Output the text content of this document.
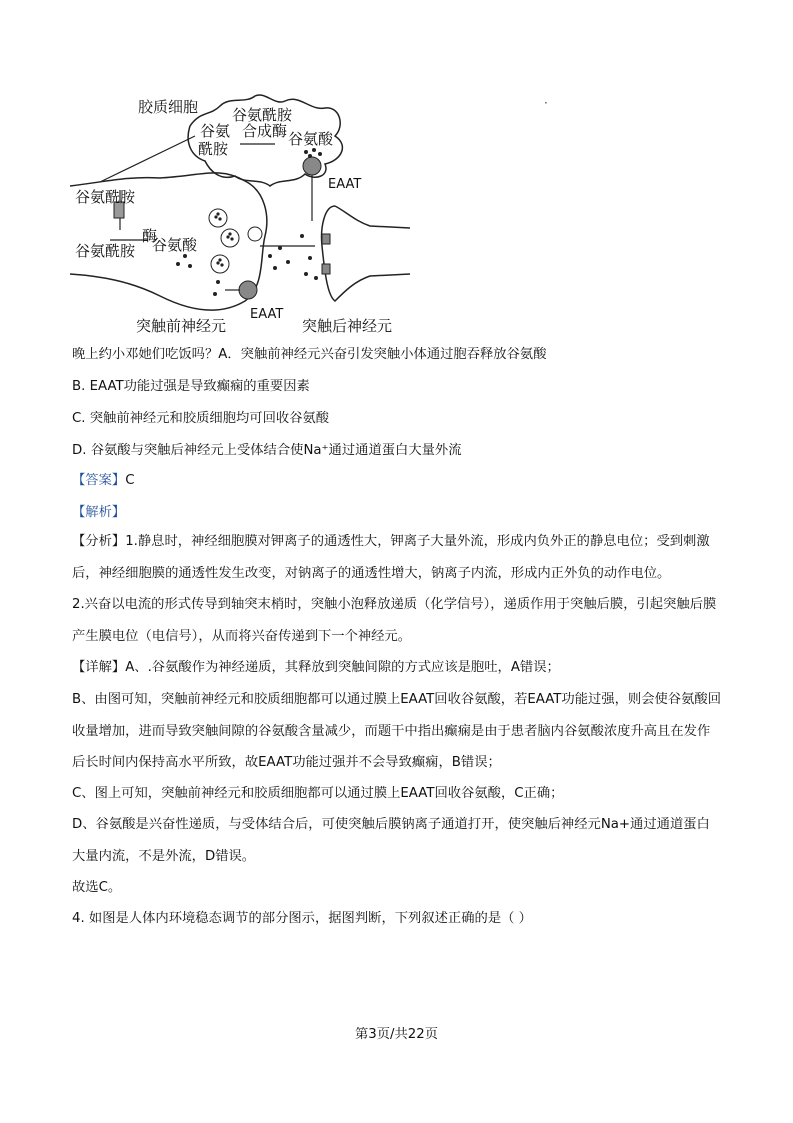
胶质细胞 谷氨酰胺
谷氨 合成酶
酰胺
谷氨酸
EAAT
谷氨酰胺
谷氨酰胺
酶
谷氨酸
EAAT
突触前神经元	突触后神经元
·
晚上约小邓她们吃饭吗？A．突触前神经元兴奋引发突触小体通过胞吞释放谷氨酸
B. EAAT功能过强是导致癫痫的重要因素
C. 突触前神经元和胶质细胞均可回收谷氨酸
D. 谷氨酸与突触后神经元上受体结合使Na⁺通过通道蛋白大量外流
【答案】C
【解析】
【分析】1.静息时，神经细胞膜对钾离子的通透性大，钾离子大量外流，形成内负外正的静息电位；受到刺激后，神经细胞膜的通透性发生改变，对钠离子的通透性增大，钠离子内流，形成内正外负的动作电位。
2.兴奋以电流的形式传导到轴突末梢时，突触小泡释放递质（化学信号），递质作用于突触后膜，引起突触后膜产生膜电位（电信号），从而将兴奋传递到下一个神经元。
【详解】A、.谷氨酸作为神经递质，其释放到突触间隙的方式应该是胞吐，A错误；
B、由图可知，突触前神经元和胶质细胞都可以通过膜上EAAT回收谷氨酸，若EAAT功能过强，则会使谷氨酸回收量增加，进而导致突触间隙的谷氨酸含量减少，而题干中指出癫痫是由于患者脑内谷氨酸浓度升高且在发作后长时间内保持高水平所致，故EAAT功能过强并不会导致癫痫，B错误；
C、图上可知，突触前神经元和胶质细胞都可以通过膜上EAAT回收谷氨酸，C正确；
D、谷氨酸是兴奋性递质，与受体结合后，可使突触后膜钠离子通道打开，使突触后神经元Na+通过通道蛋白大量内流，不是外流，D错误。
故选C。
4. 如图是人体内环境稳态调节的部分图示，据图判断，下列叙述正确的是（ ）
第3页/共22页
